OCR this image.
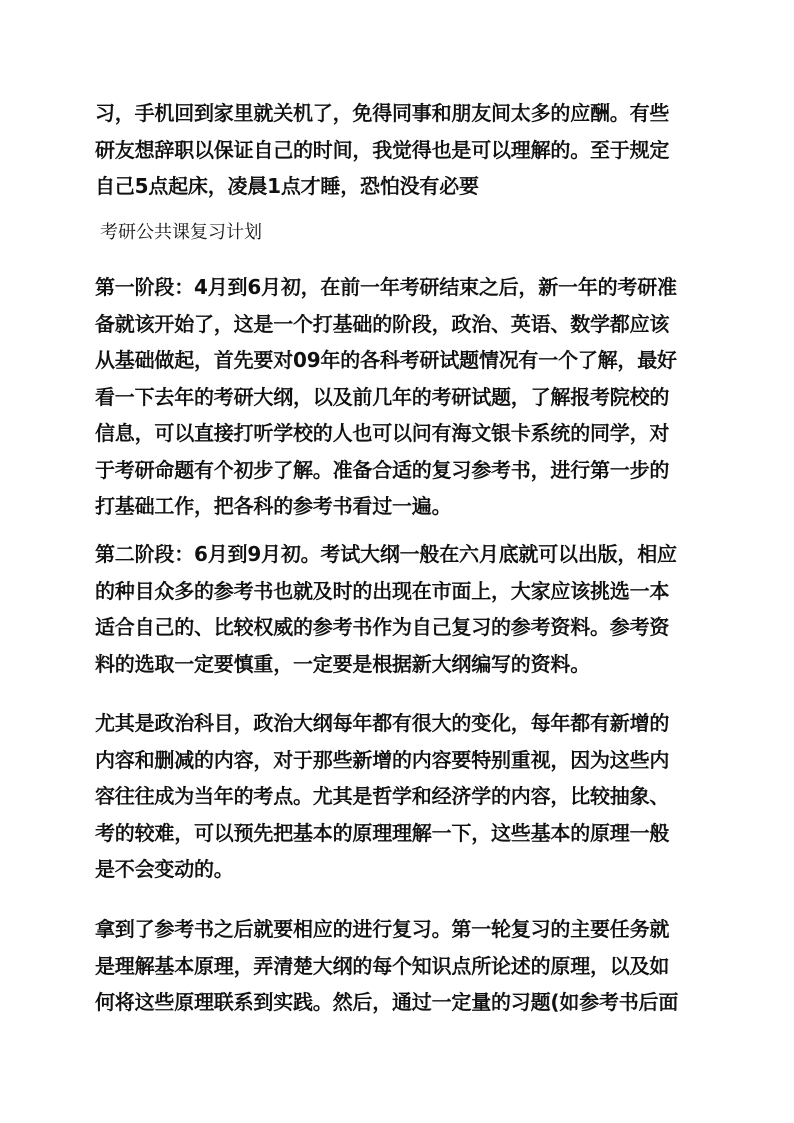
习，手机回到家里就关机了，免得同事和朋友间太多的应酬。有些
研友想辞职以保证自己的时间，我觉得也是可以理解的。至于规定
自己5点起床，凌晨1点才睡，恐怕没有必要

第一阶段：4月到6月初，在前一年考研结束之后，新一年的考研准
备就该开始了，这是一个打基础的阶段，政治、英语、数学都应该
从基础做起，首先要对09年的各科考研试题情况有一个了解，最好
看一下去年的考研大纲，以及前几年的考研试题，了解报考院校的
信息，可以直接打听学校的人也可以问有海文银卡系统的同学，对
于考研命题有个初步了解。准备合适的复习参考书，进行第一步的
打基础工作，把各科的参考书看过一遍。

第二阶段：6月到9月初。考试大纲一般在六月底就可以出版，相应
的种目众多的参考书也就及时的出现在市面上，大家应该挑选一本
适合自己的、比较权威的参考书作为自己复习的参考资料。参考资
料的选取一定要慎重，一定要是根据新大纲编写的资料。

尤其是政治科目，政治大纲每年都有很大的变化，每年都有新增的
内容和删减的内容，对于那些新增的内容要特别重视，因为这些内
容往往成为当年的考点。尤其是哲学和经济学的内容，比较抽象、
考的较难，可以预先把基本的原理理解一下，这些基本的原理一般
是不会变动的。

拿到了参考书之后就要相应的进行复习。第一轮复习的主要任务就
是理解基本原理，弄清楚大纲的每个知识点所论述的原理，以及如
何将这些原理联系到实践。然后，通过一定量的习题(如参考书后面

考研公共课复习计划
